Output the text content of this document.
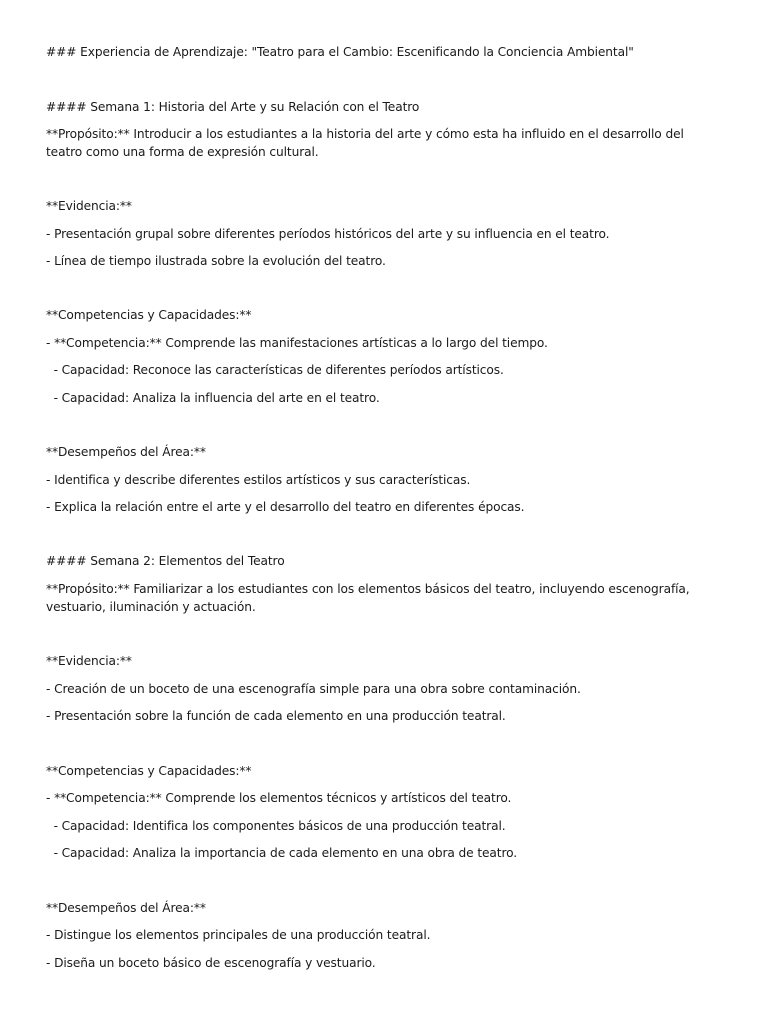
### Experiencia de Aprendizaje: "Teatro para el Cambio: Escenificando la Conciencia Ambiental"
#### Semana 1: Historia del Arte y su Relación con el Teatro
**Propósito:** Introducir a los estudiantes a la historia del arte y cómo esta ha influido en el desarrollo del teatro como una forma de expresión cultural.
**Evidencia:**
- Presentación grupal sobre diferentes períodos históricos del arte y su influencia en el teatro.
- Línea de tiempo ilustrada sobre la evolución del teatro.
**Competencias y Capacidades:**
- **Competencia:** Comprende las manifestaciones artísticas a lo largo del tiempo.
- Capacidad: Reconoce las características de diferentes períodos artísticos.
- Capacidad: Analiza la influencia del arte en el teatro.
**Desempeños del Área:**
- Identifica y describe diferentes estilos artísticos y sus características.
- Explica la relación entre el arte y el desarrollo del teatro en diferentes épocas.
#### Semana 2: Elementos del Teatro
**Propósito:** Familiarizar a los estudiantes con los elementos básicos del teatro, incluyendo escenografía, vestuario, iluminación y actuación.
**Evidencia:**
- Creación de un boceto de una escenografía simple para una obra sobre contaminación.
- Presentación sobre la función de cada elemento en una producción teatral.
**Competencias y Capacidades:**
- **Competencia:** Comprende los elementos técnicos y artísticos del teatro.
- Capacidad: Identifica los componentes básicos de una producción teatral.
- Capacidad: Analiza la importancia de cada elemento en una obra de teatro.
**Desempeños del Área:**
- Distingue los elementos principales de una producción teatral.
- Diseña un boceto básico de escenografía y vestuario.
